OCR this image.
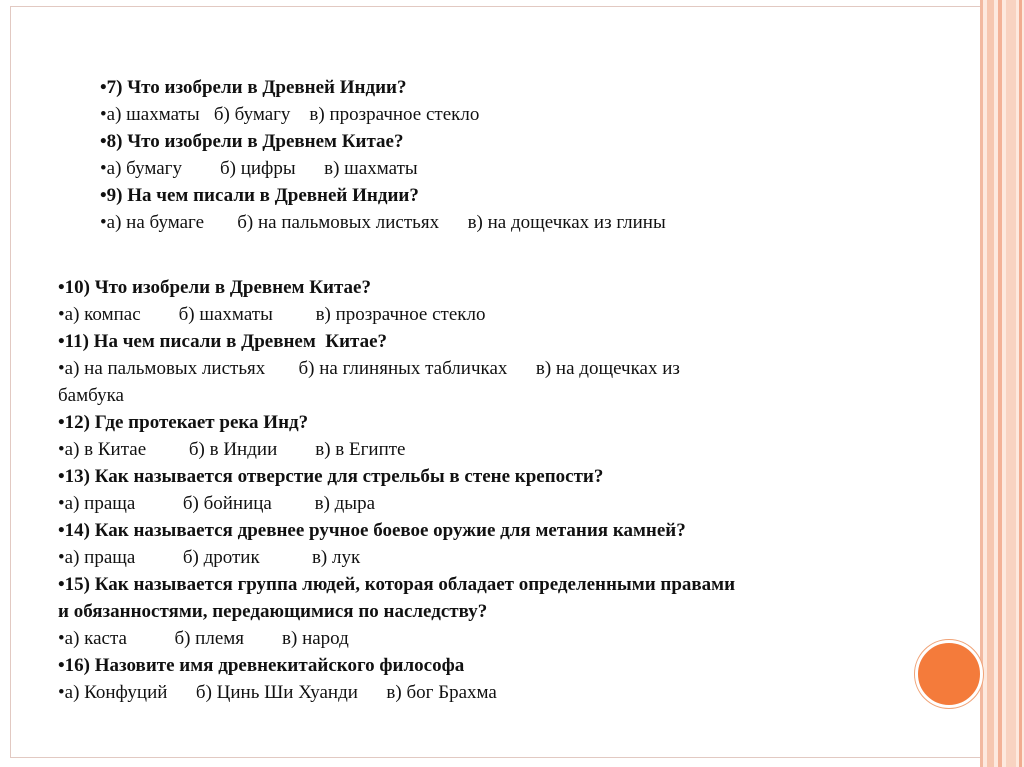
•7) Что изобрели в Древней Индии?
•а) шахматы   б) бумагу    в) прозрачное стекло
•8) Что изобрели в Древнем Китае?
•а) бумагу        б) цифры      в) шахматы
•9) На чем писали в Древней Индии?
•а) на бумаге       б) на пальмовых листьях      в) на дощечках из глины
•10) Что изобрели в Древнем Китае?
•а) компас        б) шахматы         в) прозрачное стекло
•11) На чем писали в Древнем  Китае?
•а) на пальмовых листьях       б) на глиняных табличках      в) на дощечках из
бамбука
•12) Где протекает река Инд?
•а) в Китае         б) в Индии        в) в Египте
•13) Как называется отверстие для стрельбы в стене крепости?
•а) праща          б) бойница         в) дыра
•14) Как называется древнее ручное боевое оружие для метания камней?
•а) праща          б) дротик           в) лук
•15) Как называется группа людей, которая обладает определенными правами
и обязанностями, передающимися по наследству?
•а) каста          б) племя        в) народ
•16) Назовите имя древнекитайского философа
•а) Конфуций      б) Цинь Ши Хуанди      в) бог Брахма
